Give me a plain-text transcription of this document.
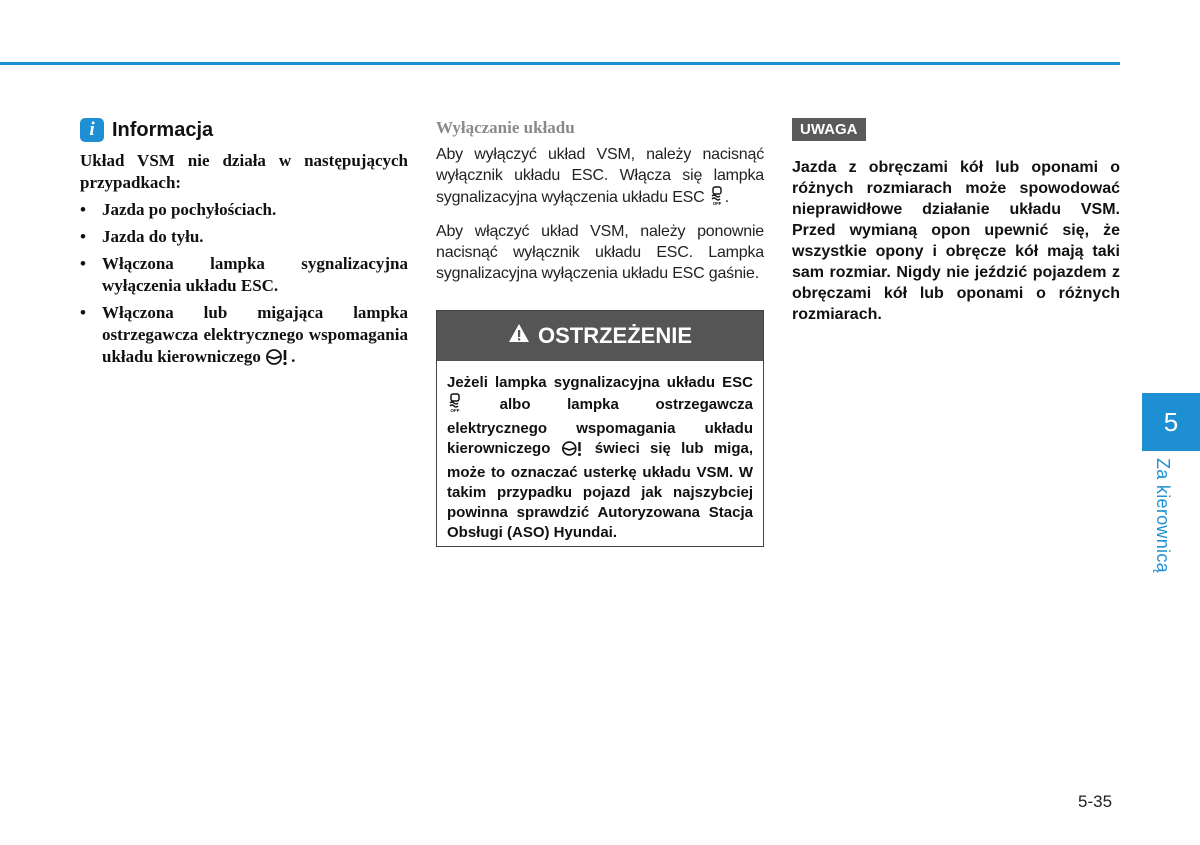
i Informacja

Układ VSM nie działa w następujących przypadkach:

• Jazda po pochyłościach.
• Jazda do tyłu.
• Włączona lampka sygnalizacyjna wyłączenia układu ESC.
• Włączona lub migająca lampka ostrzegawcza elektrycznego wspomagania układu kierowniczego .
Wyłączanie układu

Aby wyłączyć układ VSM, należy nacisnąć wyłącznik układu ESC. Włącza się lampka sygnalizacyjna wyłączenia układu ESC OFF .

Aby włączyć układ VSM, należy ponownie nacisnąć wyłącznik układu ESC. Lampka sygnalizacyjna wyłączenia układu ESC gaśnie.

OSTRZEŻENIE
Jeżeli lampka sygnalizacyjna układu ESC
OFF	albo lampka ostrzegawcza elektrycznego wspomagania układu kierowniczego	świeci się lub miga, może to oznaczać usterkę układu VSM. W takim przypadku pojazd jak najszybciej powinna sprawdzić Autoryzowana Stacja Obsługi (ASO) Hyundai.
UWAGA

Jazda z obręczami kół lub oponami o różnych rozmiarach może spowodować nieprawidłowe działanie układu VSM. Przed wymianą opon upewnić się, że wszystkie opony i obręcze kół mają taki sam rozmiar. Nigdy nie jeździć pojazdem z obręczami kół lub oponami o różnych rozmiarach.

5
Za kierownicą
5-35
